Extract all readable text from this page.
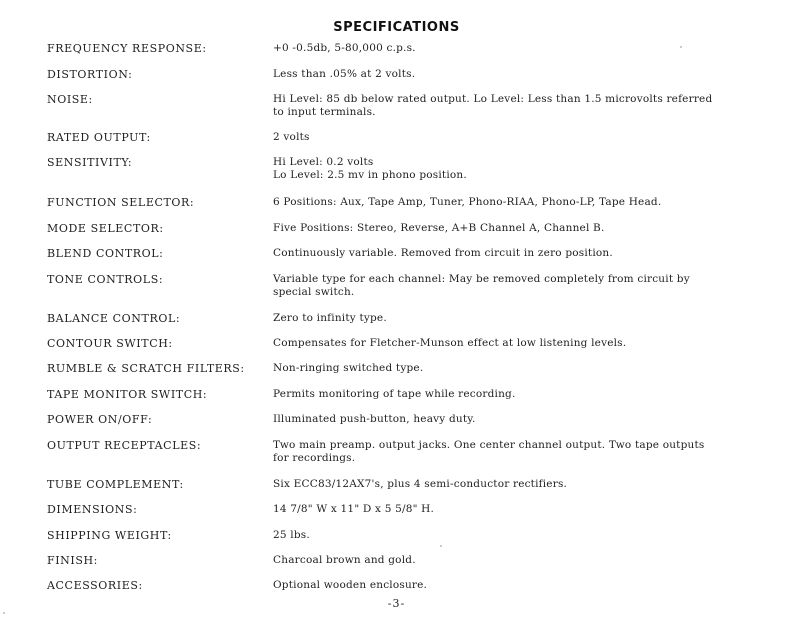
SPECIFICATIONS
FREQUENCY RESPONSE:	+0 -0.5db, 5-80,000 c.p.s.
DISTORTION:	Less than .05% at 2 volts.
NOISE:	Hi Level: 85 db below rated output. Lo Level: Less than 1.5 microvolts referred
to input terminals.
RATED OUTPUT:	2 volts
SENSITIVITY:	Hi Level: 0.2 volts
Lo Level: 2.5 mv in phono position.
FUNCTION SELECTOR:	6 Positions: Aux, Tape Amp, Tuner, Phono-RIAA, Phono-LP, Tape Head.
MODE SELECTOR:	Five Positions: Stereo, Reverse, A+B Channel A, Channel B.
BLEND CONTROL:	Continuously variable. Removed from circuit in zero position.
TONE CONTROLS:	Variable type for each channel: May be removed completely from circuit by
special switch.
BALANCE CONTROL:	Zero to infinity type.
CONTOUR SWITCH:	Compensates for Fletcher-Munson effect at low listening levels.
RUMBLE & SCRATCH FILTERS:	Non-ringing switched type.
TAPE MONITOR SWITCH:	Permits monitoring of tape while recording.
POWER ON/OFF:	Illuminated push-button, heavy duty.
OUTPUT RECEPTACLES:	Two main preamp. output jacks. One center channel output. Two tape outputs
for recordings.
TUBE COMPLEMENT:	Six ECC83/12AX7's, plus 4 semi-conductor rectifiers.
DIMENSIONS:	14 7/8" W x 11" D x 5 5/8" H.
SHIPPING WEIGHT:	25 lbs.
FINISH:	Charcoal brown and gold.
ACCESSORIES:	Optional wooden enclosure.
-3-
